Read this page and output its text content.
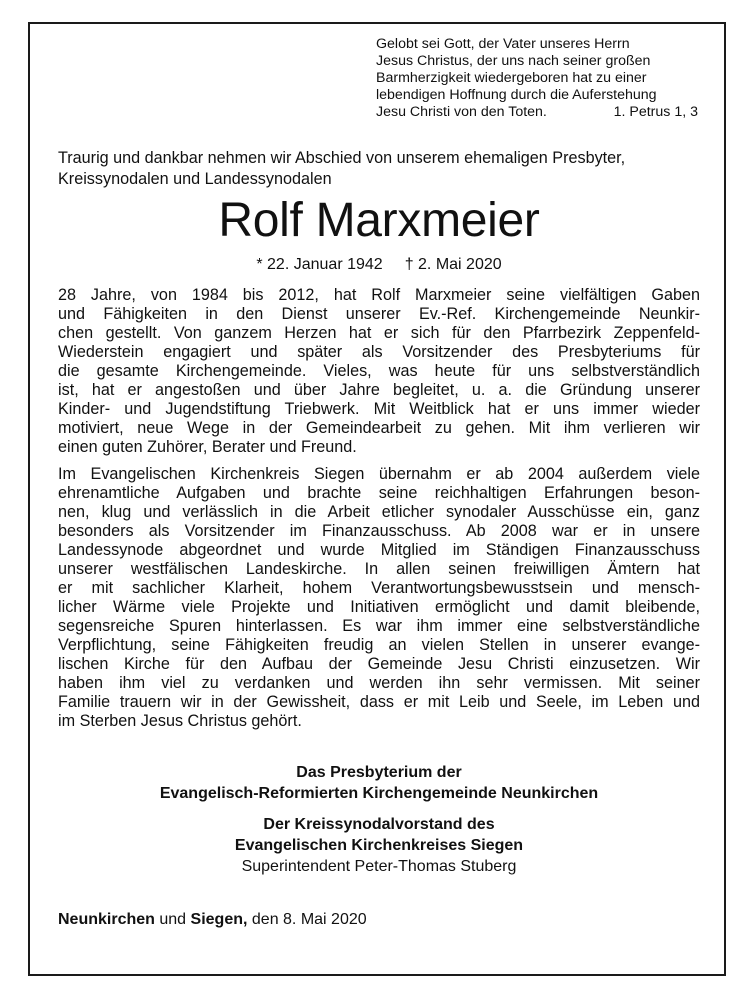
Gelobt sei Gott, der Vater unseres Herrn
Jesus Christus, der uns nach seiner großen
Barmherzigkeit wiedergeboren hat zu einer
lebendigen Hoffnung durch die Auferstehung
Jesu Christi von den Toten.	1. Petrus 1, 3
Traurig und dankbar nehmen wir Abschied von unserem ehemaligen Presbyter,
Kreissynodalen und Landessynodalen
Rolf Marxmeier
* 22. Januar 1942 † 2. Mai 2020
28 Jahre, von 1984 bis 2012, hat Rolf Marxmeier seine vielfältigen Gaben
und Fähigkeiten in den Dienst unserer Ev.-Ref. Kirchengemeinde Neunkir-
chen gestellt. Von ganzem Herzen hat er sich für den Pfarrbezirk Zeppenfeld-
Wiederstein engagiert und später als Vorsitzender des Presbyteriums für
die gesamte Kirchengemeinde. Vieles, was heute für uns selbstverständlich
ist, hat er angestoßen und über Jahre begleitet, u. a. die Gründung unserer
Kinder- und Jugendstiftung Triebwerk. Mit Weitblick hat er uns immer wieder
motiviert, neue Wege in der Gemeindearbeit zu gehen. Mit ihm verlieren wir
einen guten Zuhörer, Berater und Freund.
Im Evangelischen Kirchenkreis Siegen übernahm er ab 2004 außerdem viele
ehrenamtliche Aufgaben und brachte seine reichhaltigen Erfahrungen beson-
nen, klug und verlässlich in die Arbeit etlicher synodaler Ausschüsse ein, ganz
besonders als Vorsitzender im Finanzausschuss. Ab 2008 war er in unsere
Landessynode abgeordnet und wurde Mitglied im Ständigen Finanzausschuss
unserer westfälischen Landeskirche. In allen seinen freiwilligen Ämtern hat
er mit sachlicher Klarheit, hohem Verantwortungsbewusstsein und mensch-
licher Wärme viele Projekte und Initiativen ermöglicht und damit bleibende,
segensreiche Spuren hinterlassen. Es war ihm immer eine selbstverständliche
Verpflichtung, seine Fähigkeiten freudig an vielen Stellen in unserer evange-
lischen Kirche für den Aufbau der Gemeinde Jesu Christi einzusetzen. Wir
haben ihm viel zu verdanken und werden ihn sehr vermissen. Mit seiner
Familie trauern wir in der Gewissheit, dass er mit Leib und Seele, im Leben und
im Sterben Jesus Christus gehört.
Das Presbyterium der
Evangelisch-Reformierten Kirchengemeinde Neunkirchen
Der Kreissynodalvorstand des
Evangelischen Kirchenkreises Siegen
Superintendent Peter-Thomas Stuberg
Neunkirchen und Siegen, den 8. Mai 2020
